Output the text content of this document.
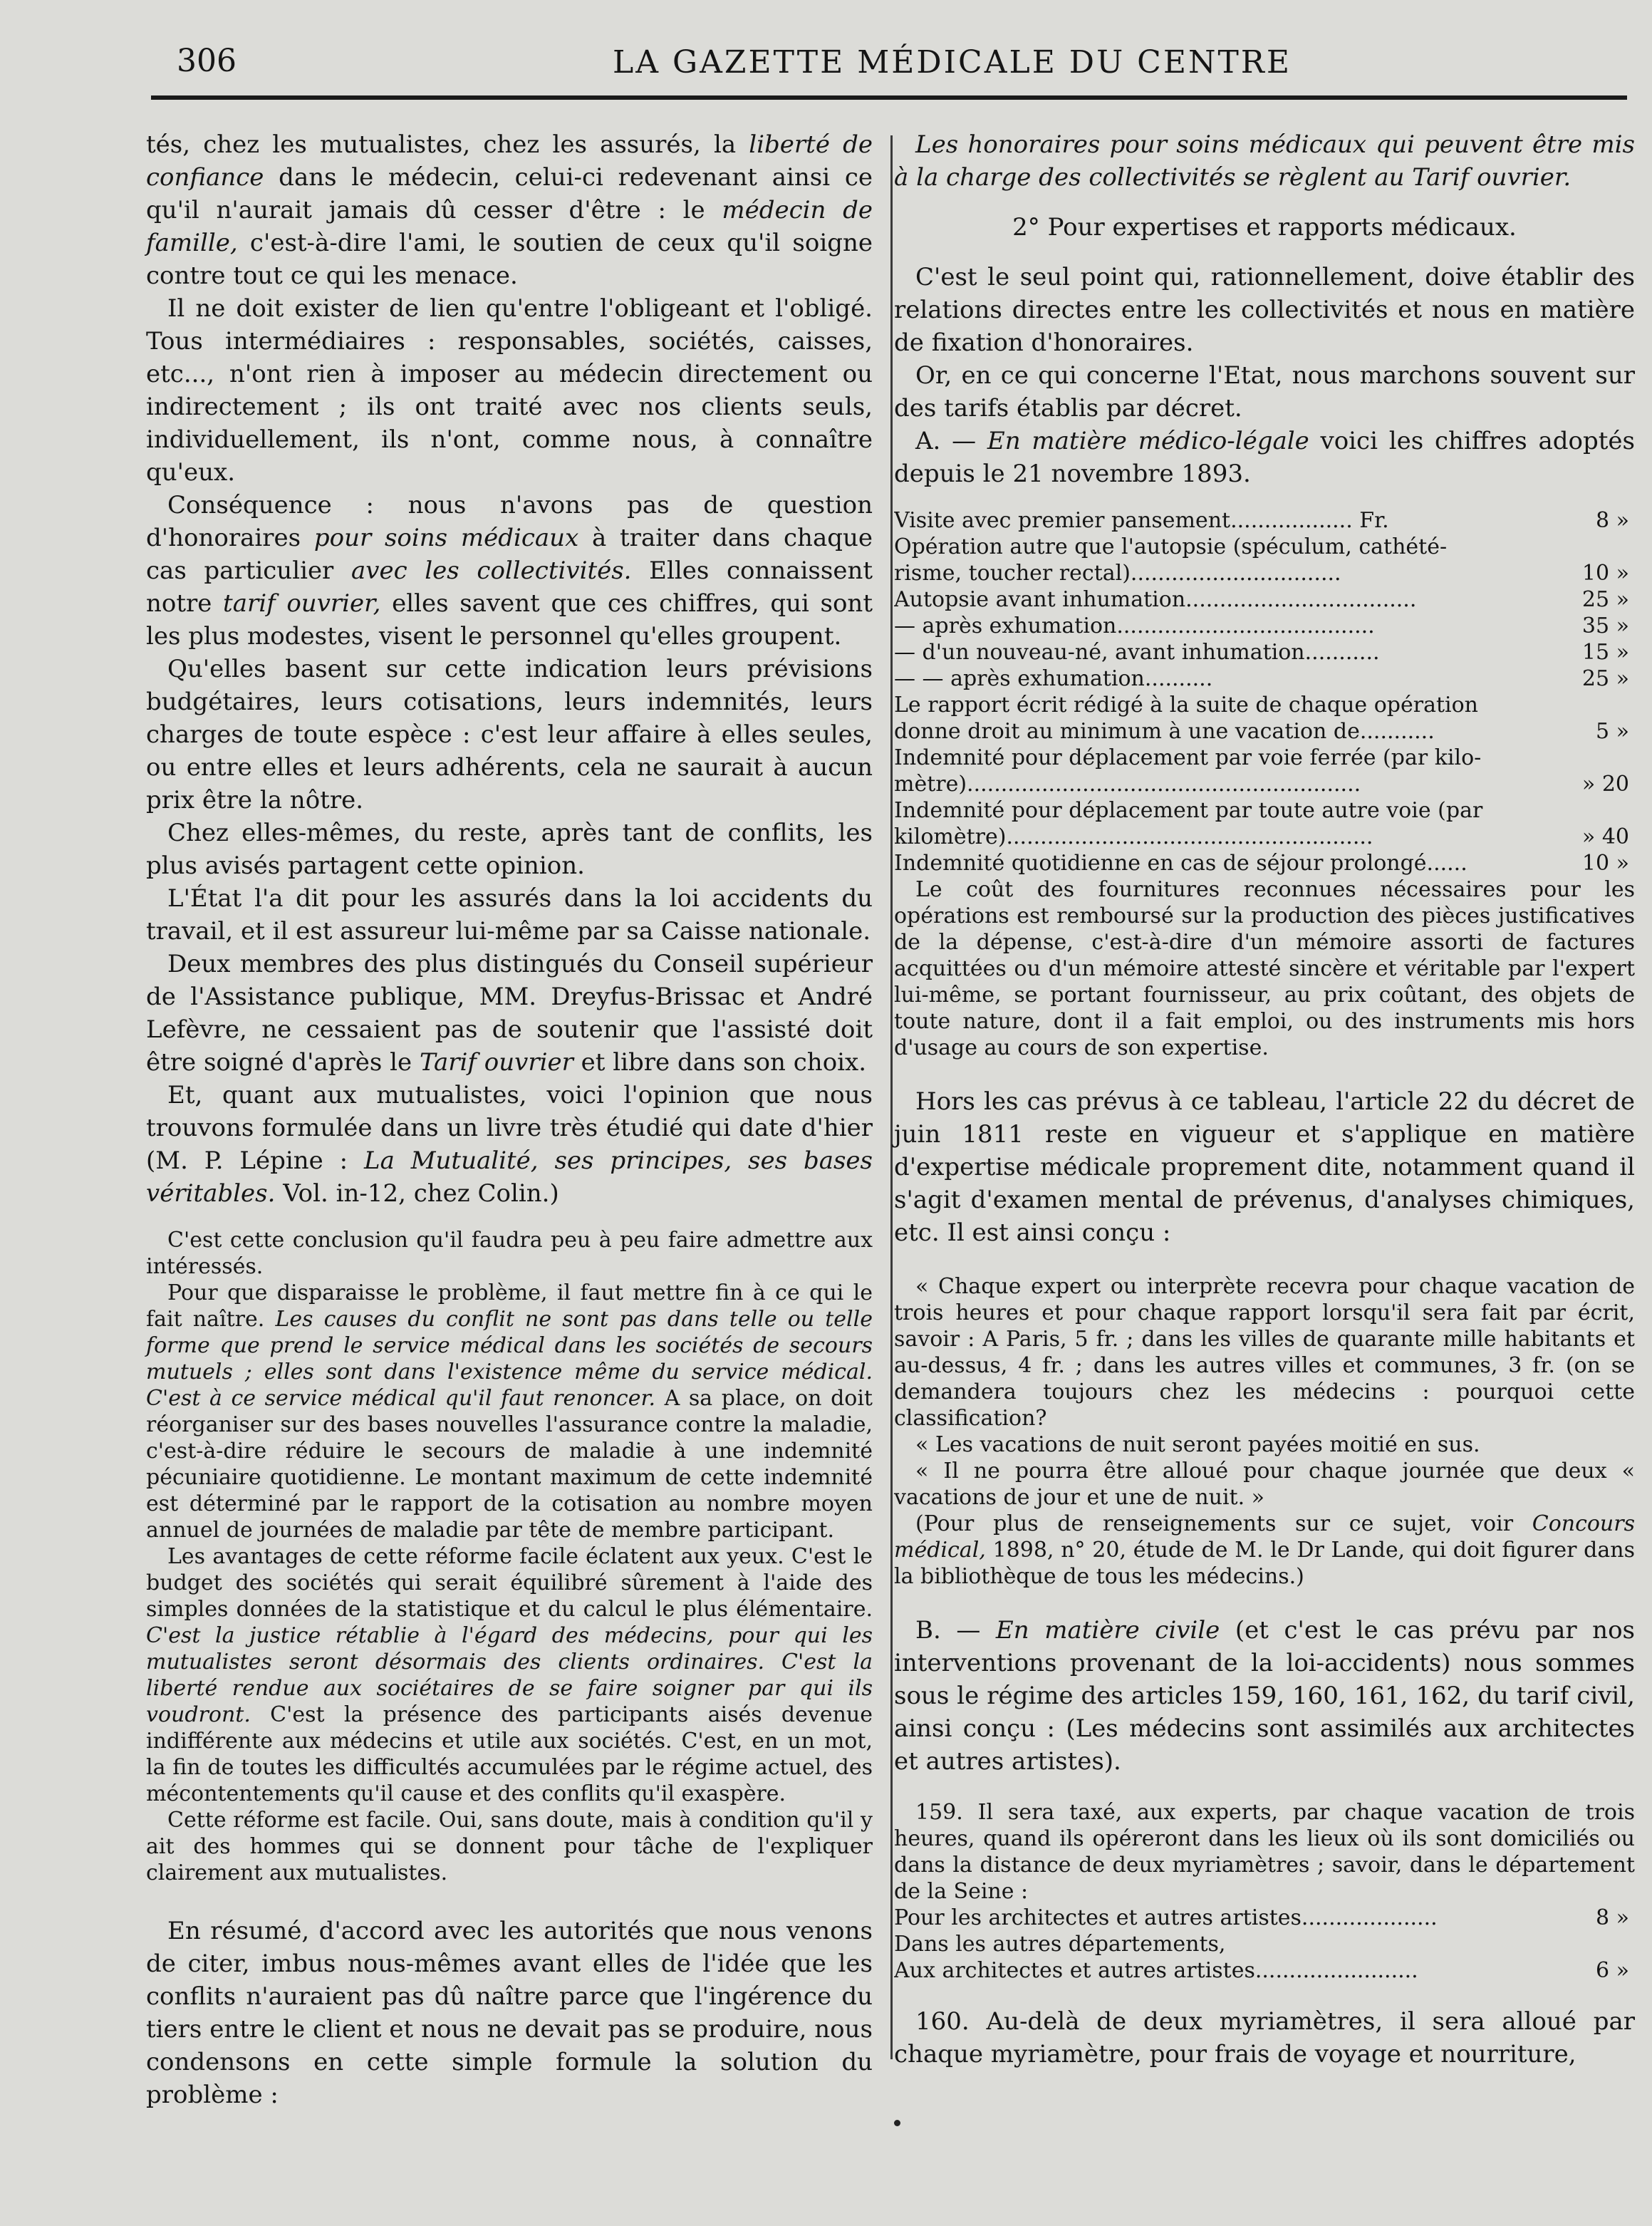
306	LA GAZETTE MÉDICALE DU CENTRE

tés, chez les mutualistes, chez les assurés, la liberté de confiance dans le médecin, celui-ci redevenant ainsi ce qu'il n'aurait jamais dû cesser d'être : le médecin de famille, c'est-à-dire l'ami, le soutien de ceux qu'il soigne contre tout ce qui les menace.

Il ne doit exister de lien qu'entre l'obligeant et l'obligé. Tous intermédiaires : responsables, sociétés, caisses, etc..., n'ont rien à imposer au médecin directement ou indirectement ; ils ont traité avec nos clients seuls, individuellement, ils n'ont, comme nous, à connaître qu'eux.

Conséquence : nous n'avons pas de question d'honoraires pour soins médicaux à traiter dans chaque cas particulier avec les collectivités. Elles connaissent notre tarif ouvrier, elles savent que ces chiffres, qui sont les plus modestes, visent le personnel qu'elles groupent.

Qu'elles basent sur cette indication leurs prévisions budgétaires, leurs cotisations, leurs indemnités, leurs charges de toute espèce : c'est leur affaire à elles seules, ou entre elles et leurs adhérents, cela ne saurait à aucun prix être la nôtre.

Chez elles-mêmes, du reste, après tant de conflits, les plus avisés partagent cette opinion.

L'État l'a dit pour les assurés dans la loi accidents du travail, et il est assureur lui-même par sa Caisse nationale.

Deux membres des plus distingués du Conseil supérieur de l'Assistance publique, MM. Dreyfus-Brissac et André Lefèvre, ne cessaient pas de soutenir que l'assisté doit être soigné d'après le Tarif ouvrier et libre dans son choix.

Et, quant aux mutualistes, voici l'opinion que nous trouvons formulée dans un livre très étudié qui date d'hier (M. P. Lépine : La Mutualité, ses principes, ses bases véritables. Vol. in-12, chez Colin.)

C'est cette conclusion qu'il faudra peu à peu faire admettre aux intéressés.

Pour que disparaisse le problème, il faut mettre fin à ce qui le fait naître. Les causes du conflit ne sont pas dans telle ou telle forme que prend le service médical dans les sociétés de secours mutuels ; elles sont dans l'existence même du service médical. C'est à ce service médical qu'il faut renoncer. A sa place, on doit réorganiser sur des bases nouvelles l'assurance contre la maladie, c'est-à-dire réduire le secours de maladie à une indemnité pécuniaire quotidienne. Le montant maximum de cette indemnité est déterminé par le rapport de la cotisation au nombre moyen annuel de journées de maladie par tête de membre participant.

Les avantages de cette réforme facile éclatent aux yeux. C'est le budget des sociétés qui serait équilibré sûrement à l'aide des simples données de la statistique et du calcul le plus élémentaire. C'est la justice rétablie à l'égard des médecins, pour qui les mutualistes seront désormais des clients ordinaires. C'est la liberté rendue aux sociétaires de se faire soigner par qui ils voudront. C'est la présence des participants aisés devenue indifférente aux médecins et utile aux sociétés. C'est, en un mot, la fin de toutes les difficultés accumulées par le régime actuel, des mécontentements qu'il cause et des conflits qu'il exaspère.

Cette réforme est facile. Oui, sans doute, mais à condition qu'il y ait des hommes qui se donnent pour tâche de l'expliquer clairement aux mutualistes.

En résumé, d'accord avec les autorités que nous venons de citer, imbus nous-mêmes avant elles de l'idée que les conflits n'auraient pas dû naître parce que l'ingérence du tiers entre le client et nous ne devait pas se produire, nous condensons en cette simple formule la solution du problème :

Les honoraires pour soins médicaux qui peuvent être mis à la charge des collectivités se règlent au Tarif ouvrier.

2° Pour expertises et rapports médicaux.

C'est le seul point qui, rationnellement, doive établir des relations directes entre les collectivités et nous en matière de fixation d'honoraires.

Or, en ce qui concerne l'Etat, nous marchons souvent sur des tarifs établis par décret.

A. — En matière médico-légale voici les chiffres adoptés depuis le 21 novembre 1893.

Visite avec premier pansement.................. Fr.	8 »
Opération autre que l'autopsie (spéculum, cathété-
risme, toucher rectal)...............................	10 »
Autopsie avant inhumation..................................	25 »
— après exhumation......................................	35 »
— d'un nouveau-né, avant inhumation...........	15 »
— — après exhumation..........	25 »
Le rapport écrit rédigé à la suite de chaque opération
donne droit au minimum à une vacation de...........	5 »
Indemnité pour déplacement par voie ferrée (par kilo-
mètre)..........................................................	» 20
Indemnité pour déplacement par toute autre voie (par
kilomètre)......................................................	» 40
Indemnité quotidienne en cas de séjour prolongé......	10 »

Le coût des fournitures reconnues nécessaires pour les opérations est remboursé sur la production des pièces justificatives de la dépense, c'est-à-dire d'un mémoire assorti de factures acquittées ou d'un mémoire attesté sincère et véritable par l'expert lui-même, se portant fournisseur, au prix coûtant, des objets de toute nature, dont il a fait emploi, ou des instruments mis hors d'usage au cours de son expertise.

Hors les cas prévus à ce tableau, l'article 22 du décret de juin 1811 reste en vigueur et s'applique en matière d'expertise médicale proprement dite, notamment quand il s'agit d'examen mental de prévenus, d'analyses chimiques, etc. Il est ainsi conçu :

« Chaque expert ou interprète recevra pour chaque vacation de trois heures et pour chaque rapport lorsqu'il sera fait par écrit, savoir : A Paris, 5 fr. ; dans les villes de quarante mille habitants et au-dessus, 4 fr. ; dans les autres villes et communes, 3 fr. (on se demandera toujours chez les médecins : pourquoi cette classification?

« Les vacations de nuit seront payées moitié en sus.

« Il ne pourra être alloué pour chaque journée que deux « vacations de jour et une de nuit. »

(Pour plus de renseignements sur ce sujet, voir Concours médical, 1898, n° 20, étude de M. le Dr Lande, qui doit figurer dans la bibliothèque de tous les médecins.)

B. — En matière civile (et c'est le cas prévu par nos interventions provenant de la loi-accidents) nous sommes sous le régime des articles 159, 160, 161, 162, du tarif civil, ainsi conçu : (Les médecins sont assimilés aux architectes et autres artistes).

159. Il sera taxé, aux experts, par chaque vacation de trois heures, quand ils opéreront dans les lieux où ils sont domiciliés ou dans la distance de deux myriamètres ; savoir, dans le département de la Seine :

Pour les architectes et autres artistes....................	8 »
Dans les autres départements,
Aux architectes et autres artistes........................	6 »

160. Au-delà de deux myriamètres, il sera alloué par chaque myriamètre, pour frais de voyage et nourriture,
